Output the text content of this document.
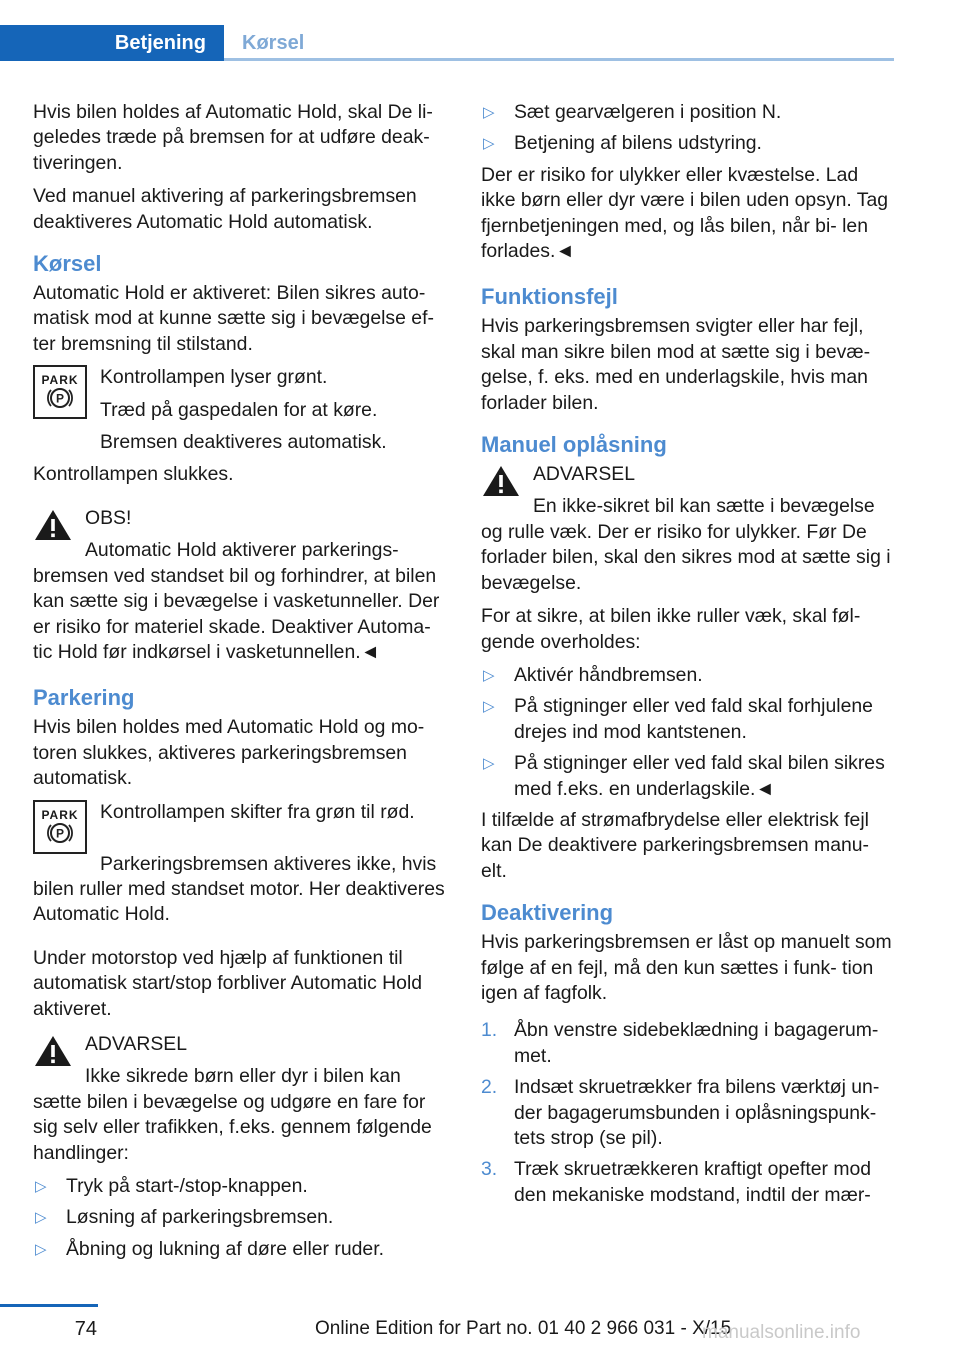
Betjening	Kørsel

Hvis bilen holdes af Automatic Hold, skal De li‐ geledes træde på bremsen for at udføre deak‐ tiveringen.

Ved manuel aktivering af parkeringsbremsen deaktiveres Automatic Hold automatisk.

Kørsel

Automatic Hold er aktiveret: Bilen sikres auto‐ matisk mod at kunne sætte sig i bevægelse ef‐ ter bremsning til stilstand.

PARK
P

Kontrollampen lyser grønt.

Træd på gaspedalen for at køre.

Bremsen deaktiveres automatisk.

Kontrollampen slukkes.

OBS!
Automatic Hold aktiverer parkerings‐ bremsen ved standset bil og forhindrer, at bilen kan sætte sig i bevægelse i vasketunneller. Der er risiko for materiel skade. Deaktiver Automa‐ tic Hold før indkørsel i vasketunnellen.◄
Parkering

Hvis bilen holdes med Automatic Hold og mo‐ toren slukkes, aktiveres parkeringsbremsen automatisk.

PARK
P

Kontrollampen skifter fra grøn til rød.

Parkeringsbremsen aktiveres ikke, hvis bilen ruller med standset motor. Her deaktiveres Automatic Hold.

Under motorstop ved hjælp af funktionen til automatisk start/stop forbliver Automatic Hold aktiveret.

ADVARSEL
Ikke sikrede børn eller dyr i bilen kan sætte bilen i bevægelse og udgøre en fare for sig selv eller trafikken, f.eks. gennem følgende handlinger:
▷ Tryk på start-/stop-knappen.
▷ Løsning af parkeringsbremsen.
▷ Åbning og lukning af døre eller ruder.
▷ Sæt gearvælgeren i position N.
▷ Betjening af bilens udstyring.

Der er risiko for ulykker eller kvæstelse. Lad ikke børn eller dyr være i bilen uden opsyn. Tag fjernbetjeningen med, og lås bilen, når bi‐ len forlades.◄

Funktionsfejl

Hvis parkeringsbremsen svigter eller har fejl, skal man sikre bilen mod at sætte sig i bevæ‐ gelse, f. eks. med en underlagskile, hvis man forlader bilen.

Manuel oplåsning
ADVARSEL
En ikke-sikret bil kan sætte i bevægelse og rulle væk. Der er risiko for ulykker. Før De forlader bilen, skal den sikres mod at sætte sig i bevægelse.

For at sikre, at bilen ikke ruller væk, skal føl‐ gende overholdes:

▷ Aktivér håndbremsen.
▷ På stigninger eller ved fald skal forhjulene drejes ind mod kantstenen.
▷ På stigninger eller ved fald skal bilen sikres med f.eks. en underlagskile.◄

I tilfælde af strømafbrydelse eller elektrisk fejl kan De deaktivere parkeringsbremsen manu‐ elt.

Deaktivering

Hvis parkeringsbremsen er låst op manuelt som følge af en fejl, må den kun sættes i funk‐ tion igen af fagfolk.

1. Åbn venstre sidebeklædning i bagagerum‐ met.
2. Indsæt skruetrækker fra bilens værktøj un‐ der bagagerumsbunden i oplåsningspunk‐ tets strop (se pil).
3. Træk skruetrækkeren kraftigt opefter mod den mekaniske modstand, indtil der mær‐
74	Online Edition for Part no. 01 40 2 966 031 - X/15
manualsonline.info
